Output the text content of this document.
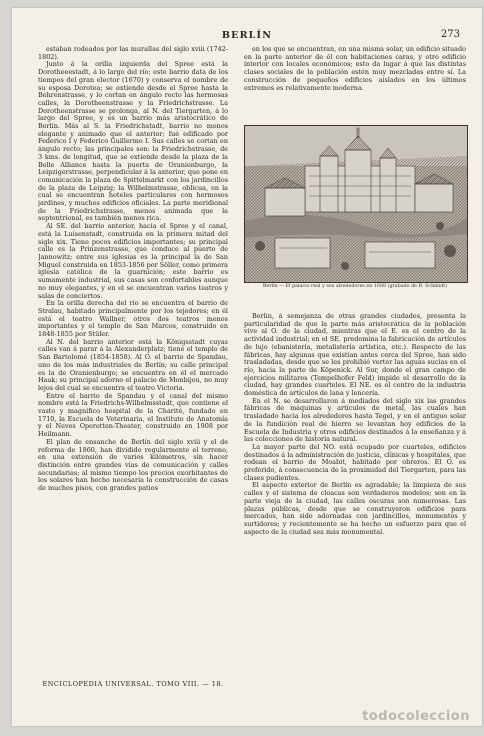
BERLÍN	273

estaban rodeados por las murallas del siglo xviii (1742-1802).

Junto á la orilla izquierda del Spree está la Dorotheeestadt, á lo largo del río; este barrio data de los tiempos del gran elector (1670) y conserva el nombre de su esposa Dorotea; se extiende desde el Spree hasta la Behrenstrasse, y lo cortan en ángulo recto las hermosas calles, la Dorotheenstrasse y la Friedrichstrasse. La Dorotheenstrasse se prolonga, al N. del Tiergarten, á lo largo del Spree, y es un barrio más aristocrático de Berlín. Más al S. la Friedrichstadt, barrio no menos elegante y animado que el anterior; fué edificado por Federico I y Federico Guillermo I. Sus calles se cortan en ángulo recto; las principales son: la Friedrichstrasse, de 3 kms. de longitud, que se extiende desde la plaza de la Belle Alliance hasta la puerta de Oranienburgo, la Leipzigerstrasse, perpendicular á la anterior, que pone en comunicación la plaza de Spittelmarkt con los jardincillos de la plaza de Leipzig; la Wilhelmstrasse, oblicua, en la cual se encuentran hoteles particulares con hermosos jardines, y muchos edificios oficiales. La parte meridional de la Friedrichstrasse, menos animada que la septentrional, es también menos rica.

Al SE. del barrio anterior, hacia el Spree y el canal, está la Luisenstadt, construida en la primera mitad del siglo xix. Tiene pocos edificios importantes; su principal calle es la Prinzenstrasse, que conduce al puerto de Jannowitz; entre sus iglesias es la principal la de San Miguel construida en 1853-1856 por Söller, como primera iglesia católica de la guarnición; este barrio es sumamente industrial, sus casas son confortables aunque no muy elegantes, y en el se encuentran varios teatros y salas de conciertos.

En la orilla derecha del río se encuentra el barrio de Stralau, habitado principalmente por los tejedores; en él está el teatro Wallner, otros dos teatros menos importantes y el templo de San Marcos, construido en 1848-1855 por Stüler.

Al N. del barrio anterior está la Königsstadt cuyas calles van á parar á la Alexanderplatz; tiene el templo de San Bartolomé (1854-1858). Al O. el barrio de Spandau, uno de los más industriales de Berlín; su calle principal es la de Oranienburgo; se encuentra en él el mercado Haak; su principal adorno el palacio de Monbijou, no muy lejos del cual se encuentra el teatro Victoria.

Entre el barrio de Spandau y el canal del mismo nombre está la Friedrichs-Wilhelmsstadt, que contiene el vasto y magnífico hospital de la Charité, fundado en 1710, la Escuela de Veterinaria, el Instituto de Anatomía y el Neves Operetten-Theater, construido en 1908 por Heilmann.

El plan de ensanche de Berlín del siglo xviii y el de reforma de 1860, han dividido regularmente el terreno, en una extensión de varios kilómetros, sin hacer distinción entre grandes vías de comunicación y calles secundarias; al mismo tiempo los precios exorbitantes de los solares han hecho necesaria la construcción de casas de muchos pisos, con grandes patios

en los que se encuentran, en una misma solar, un edificio situado en la parte anterior de él con habitaciones caras, y otro edificio interior con locales económicos; esto da lugar á que las distintas clases sociales de la población estén muy mezcladas entre sí. La construcción de pequeños edificios aislados en los últimos extremos es relativamente moderna.

Berlín — El palacio real y sus alrededores en 1688 (grabado de B. Schmidt)

Berlín, á semejanza de otras grandes ciudades, presenta la particularidad de que la parte más aristocrática de la población vive al O. de la ciudad, mientras que el E. es el centro de la actividad industrial; en el SE. predomina la fabricación de artículos de lujo (ebanistería, metalistería artística, etc.). Respecto de las fábricas, hay algunas que existían antes cerca del Spree, han sido trasladadas, desde que se les prohibió verter las aguas sucias en el río, hacia la parte de Köpenick. Al Sur, donde el gran campo de ejercicios militares (Tempelhofer Feld) impide el desarrollo de la ciudad, hay grandes cuarteles. El NE. es el centro de la industria doméstica de artículos de lana y lencería.

En el N. se desarrollaron á mediados del siglo xix las grandes fábricas de máquinas y artículos de metal, las cuales han trasladado hacia los alrededores hasta Tegel, y en el antiguo solar de la fundición real de hierro se levantan hoy edificios de la Escuela de Industria y otros edificios destinados á la enseñanza y á las colecciones de historia natural.

La mayor parte del NO. está ocupado por cuarteles, edificios destinados á la administración de justicia, clínicas y hospitales, que rodean el barrio de Moabit, habitado por obreros. El O. es preferido, á consecuencia de la proximidad del Tiergarten, para las clases pudientes.

El aspecto exterior de Berlín es agradable; la limpieza de sus calles y el sistema de cloacas son verdaderos modelos; son en la parte vieja de la ciudad, las calles oscuras son numerosas. Las plazas públicas, desde que se construyeron edificios para mercados, han sido adornadas con jardincillos, monumentos y surtidores; y recientemente se ha hecho un esfuerzo para que el aspecto de la ciudad sea más monumental.

ENCICLOPEDIA UNIVERSAL. TOMO VIII. — 18.
todocoleccion
